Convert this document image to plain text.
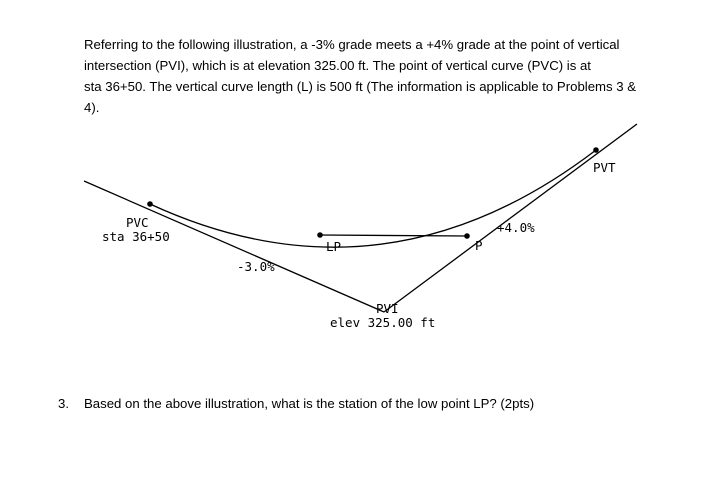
Referring to the following illustration, a -3% grade meets a +4% grade at the point of vertical
intersection (PVI), which is at elevation 325.00 ft. The point of vertical curve (PVC) is at
sta 36+50. The vertical curve length (L) is 500 ft (The information is applicable to Problems 3 &
4).

PVC
sta 36+50
LP	P
-3.0%
+4.0%
PVI
elev 325.00 ft
PVT

3. Based on the above illustration, what is the station of the low point LP? (2pts)
